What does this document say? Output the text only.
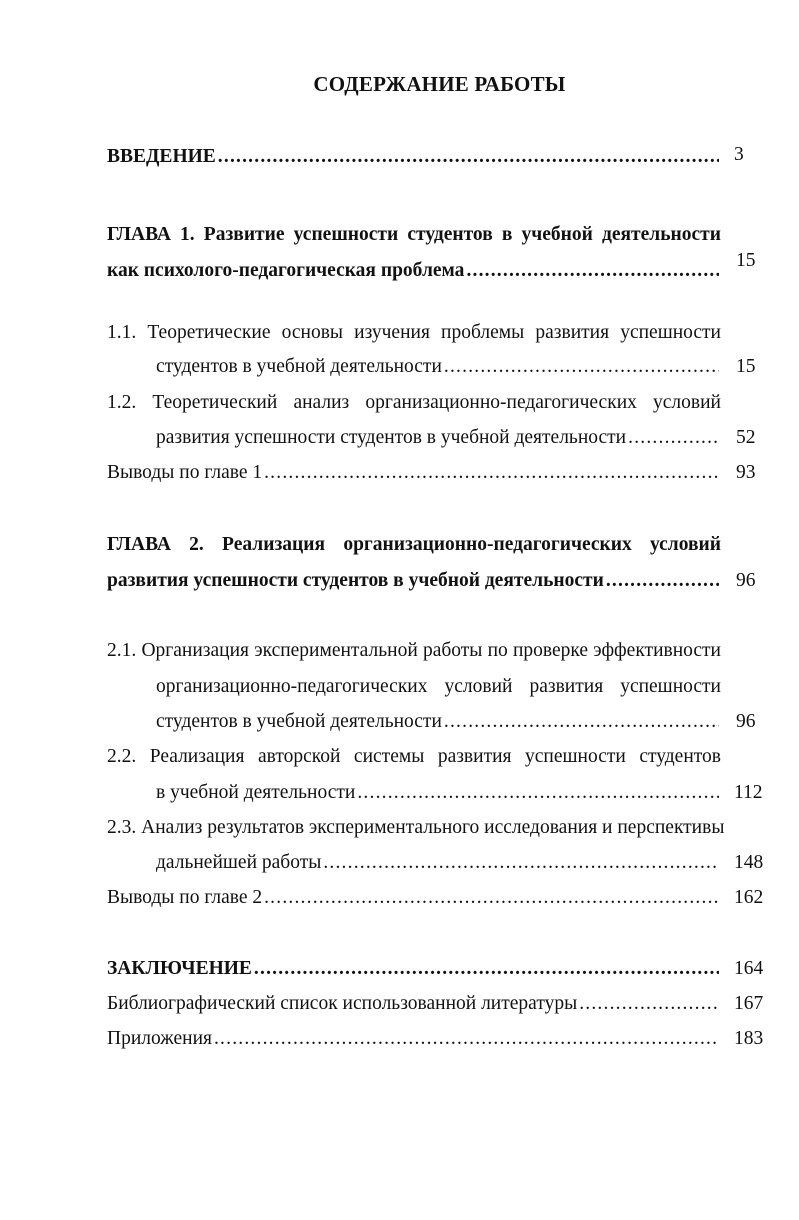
СОДЕРЖАНИЕ РАБОТЫ
ВВЕДЕНИЕ .....	3
ГЛАВА 1. Развитие успешности студентов в учебной деятельности
как психолого-педагогическая проблема .....	15
1.1. Теоретические основы изучения проблемы развития успешности
студентов в учебной деятельности .....	15
1.2. Теоретический анализ организационно-педагогических условий
развития успешности студентов в учебной деятельности .....	52
Выводы по главе 1 .....	93
ГЛАВА 2. Реализация организационно-педагогических условий
развития успешности студентов в учебной деятельности .....	96
2.1. Организация экспериментальной работы по проверке эффективности
организационно-педагогических условий развития успешности
студентов в учебной деятельности .....	96
2.2. Реализация авторской системы развития успешности студентов
в учебной деятельности .....	112
2.3. Анализ результатов экспериментального исследования и перспективы
дальнейшей работы .....	148
Выводы по главе 2 .....	162
ЗАКЛЮЧЕНИЕ .....	164
Библиографический список использованной литературы .....	167
Приложения .....	183
